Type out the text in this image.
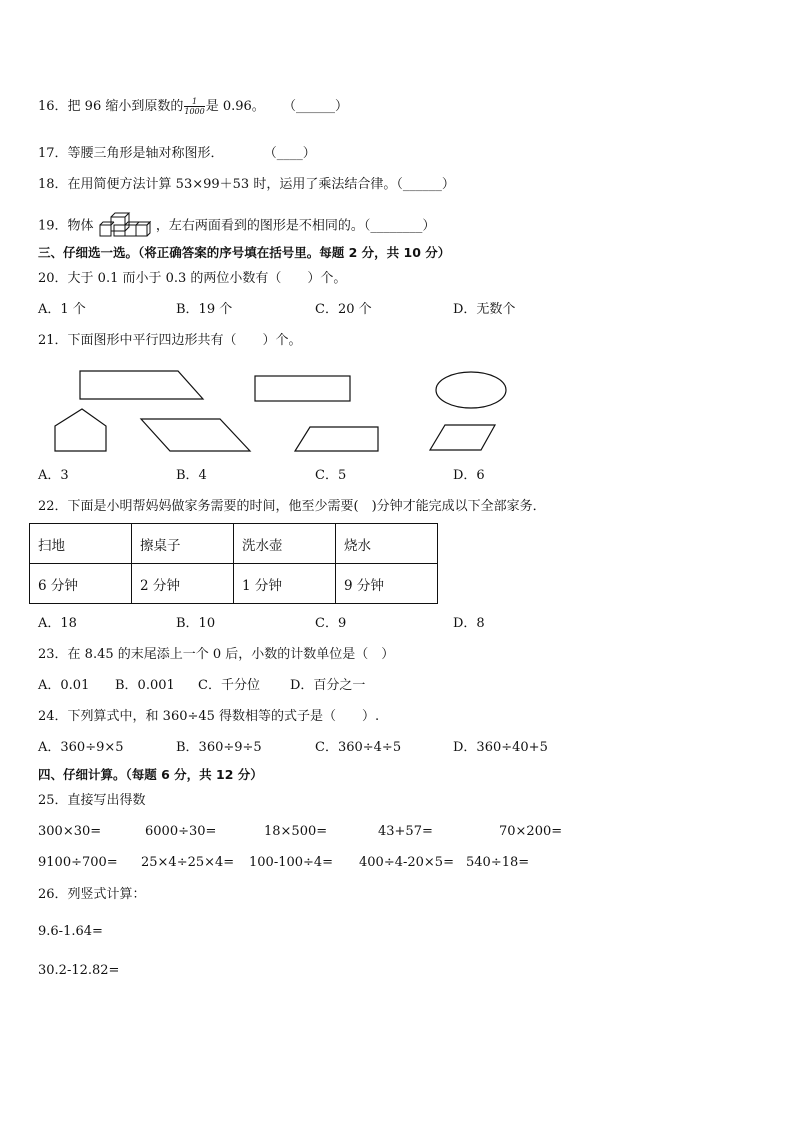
16．把 96 缩小到原数的 $\frac{1}{1000}$ 是 0.96。 （______）
17．等腰三角形是轴对称图形．	（____）
18．在用简便方法计算 53×99＋53 时，运用了乘法结合律。（______）
19．物体	，左右两面看到的图形是不相同的。（________）
三、仔细选一选。（将正确答案的序号填在括号里。每题 2 分，共 10 分）
20．大于 0.1 而小于 0.3 的两位小数有（　　）个。
A．1 个	B．19 个	C．20 个	D．无数个
21．下面图形中平行四边形共有（　　）个。
A．3	B．4	C．5	D．6
22．下面是小明帮妈妈做家务需要的时间，他至少需要(　)分钟才能完成以下全部家务．
扫地	擦桌子	洗水壶	烧水
6 分钟	2 分钟	1 分钟	9 分钟
A．18	B．10	C．9	D．8
23．在 8.45 的末尾添上一个 0 后，小数的计数单位是（　）
A．0.01 B．0.001 C．千分位 D．百分之一
24．下列算式中，和 360÷45 得数相等的式子是（　　）.
A．360÷9×5	B．360÷9÷5	C．360÷4÷5	D．360÷40+5
四、仔细计算。（每题 6 分，共 12 分）
25．直接写出得数
300×30=	6000÷30=	18×500=	43+57=	70×200=
9100÷700= 25×4÷25×4= 100-100÷4= 400÷4-20×5= 540÷18=
26．列竖式计算：
9.6-1.64=
30.2-12.82=
